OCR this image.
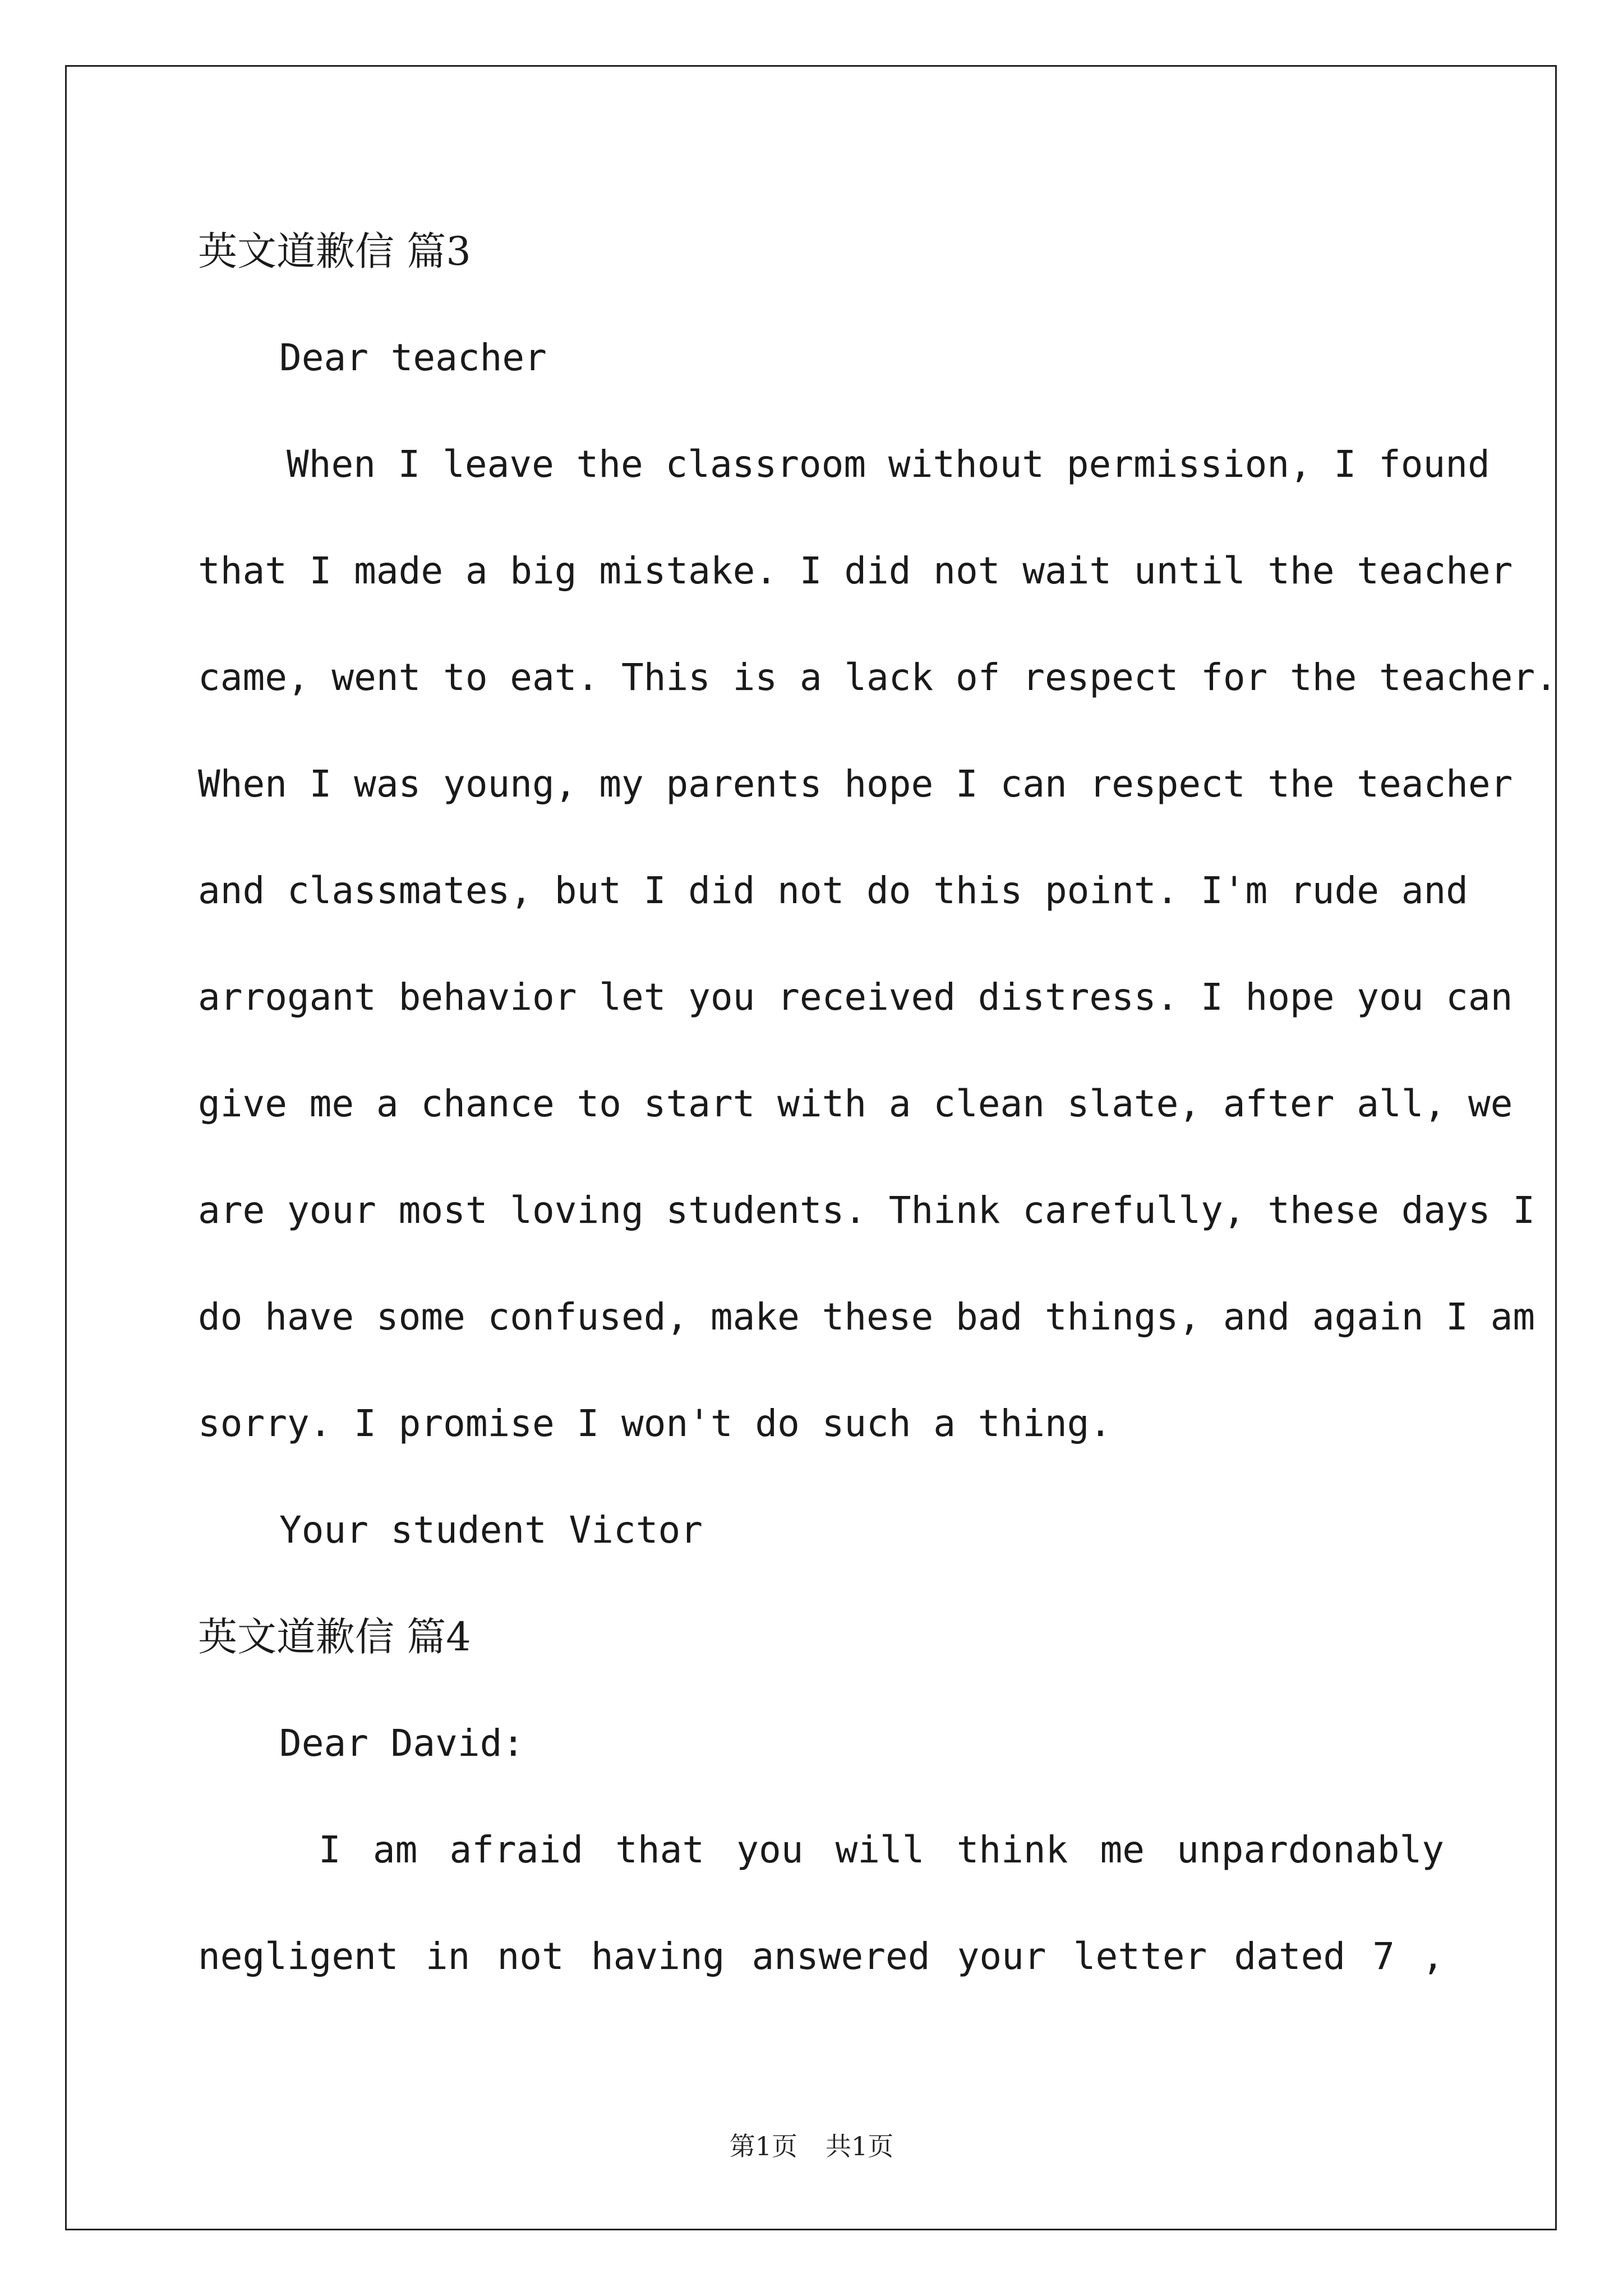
英文道歉信 篇3
Dear teacher
When I leave the classroom without permission, I found
that I made a big mistake. I did not wait until the teacher
came, went to eat. This is a lack of respect for the teacher.
When I was young, my parents hope I can respect the teacher
and classmates, but I did not do this point. I'm rude and
arrogant behavior let you received distress. I hope you can
give me a chance to start with a clean slate, after all, we
are your most loving students. Think carefully, these days I
do have some confused, make these bad things, and again I am
sorry. I promise I won't do such a thing.
Your student Victor
英文道歉信 篇4
Dear David:
I am afraid that you will think me unpardonably
negligent in not having answered your letter dated 7 ,
第1页 共1页
